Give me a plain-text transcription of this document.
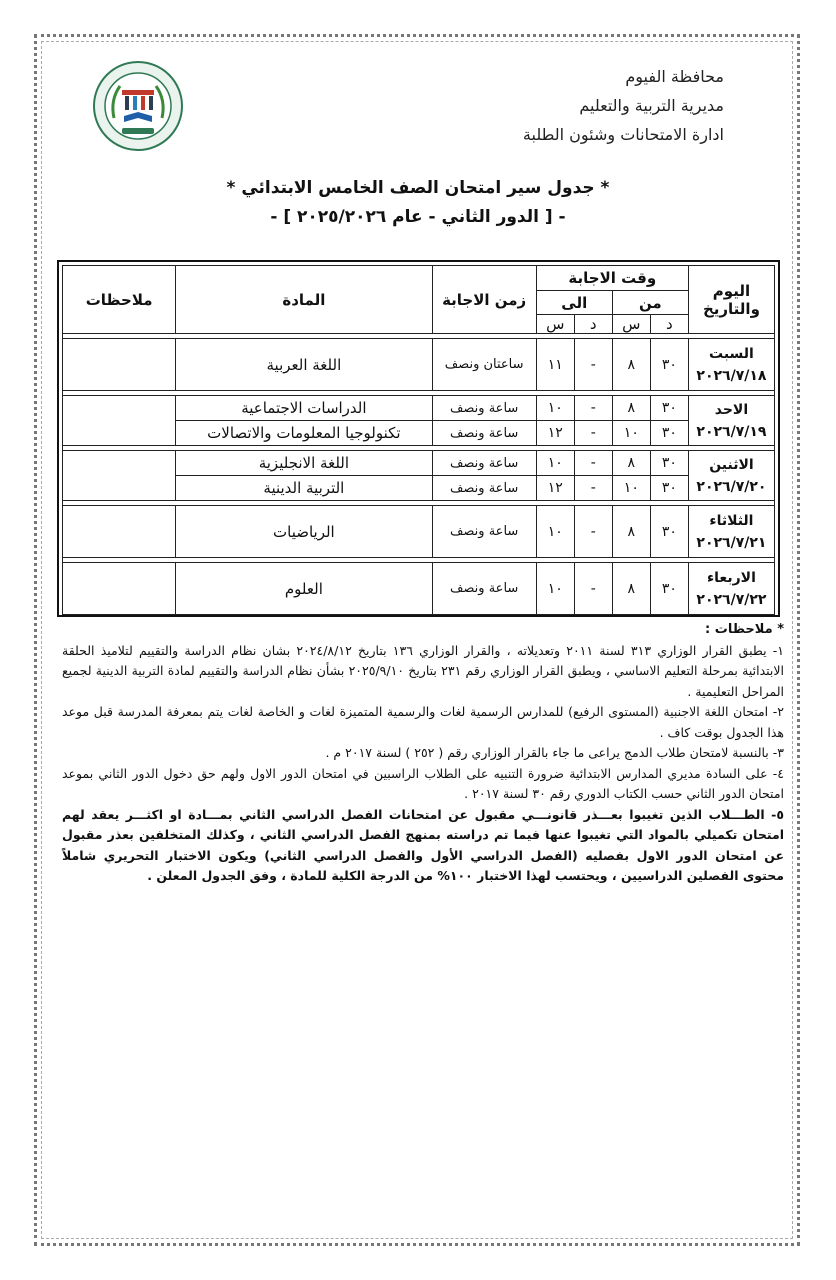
محافظة الفيوم
مديرية التربية والتعليم
ادارة الامتحانات وشئون الطلبة
* جدول سير امتحان الصف الخامس الابتدائي *
- [ الدور الثاني - عام ٢٠٢٥/٢٠٢٦ ] -
اليوم والتاريخ	وقت الاجابة				زمن الاجابة	المادة	ملاحظات
	من		الى				
	د	س	د	س			

السبت
٢٠٢٦/٧/١٨	٣٠	٨	-	١١	ساعتان ونصف	اللغة العربية	

الاحد
٢٠٢٦/٧/١٩	٣٠	٨	-	١٠	ساعة ونصف	الدراسات الاجتماعية	
	٣٠	١٠	-	١٢	ساعة ونصف	تكنولوجيا المعلومات والاتصالات	

الاثنين
٢٠٢٦/٧/٢٠	٣٠	٨	-	١٠	ساعة ونصف	اللغة الانجليزية	
	٣٠	١٠	-	١٢	ساعة ونصف	التربية الدينية	

الثلاثاء
٢٠٢٦/٧/٢١	٣٠	٨	-	١٠	ساعة ونصف	الرياضيات	

الاربعاء
٢٠٢٦/٧/٢٢	٣٠	٨	-	١٠	ساعة ونصف	العلوم	

* ملاحظات :

١- يطبق القرار الوزاري ٣١٣ لسنة ٢٠١١ وتعديلاته ، والقرار الوزاري ١٣٦ بتاريخ ٢٠٢٤/٨/١٢ بشان نظام الدراسة والتقييم لتلاميذ الحلقة الابتدائية بمرحلة التعليم الاساسي ، ويطبق القرار الوزاري رقم ٢٣١ بتاريخ ٢٠٢٥/٩/١٠ بشأن نظام الدراسة والتقييم لمادة التربية الدينية لجميع المراحل التعليمية .

٢- امتحان اللغة الاجنبية (المستوى الرفيع) للمدارس الرسمية لغات والرسمية المتميزة لغات و الخاصة لغات يتم بمعرفة المدرسة قبل موعد هذا الجدول بوقت كاف .

٣- بالنسبة لامتحان طلاب الدمج يراعى ما جاء بالقرار الوزاري رقم ( ٢٥٢ ) لسنة ٢٠١٧ م .

٤- على السادة مديري المدارس الابتدائية ضرورة التنبيه على الطلاب الراسبين في امتحان الدور الاول ولهم حق دخول الدور الثاني بموعد امتحان الدور الثاني حسب الكتاب الدوري رقم ٣٠ لسنة ٢٠١٧ .

٥- الطـــلاب الذين تغيبوا بعـــذر قانونـــي مقبول عن امتحانات الفصل الدراسي الثاني بمـــادة او اكثـــر يعقد لهم امتحان تكميلي بالمواد التي تغيبوا عنها فيما تم دراسته بمنهج الفصل الدراسي الثاني ، وكذلك المتخلفين بعذر مقبول عن امتحان الدور الاول بفصليه (الفصل الدراسي الأول والفصل الدراسي الثاني) ويكون الاختبار التحريري شاملاً محتوى الفصلين الدراسيين ، ويحتسب لهذا الاختبار ١٠٠% من الدرجة الكلية للمادة ، وفق الجدول المعلن .
